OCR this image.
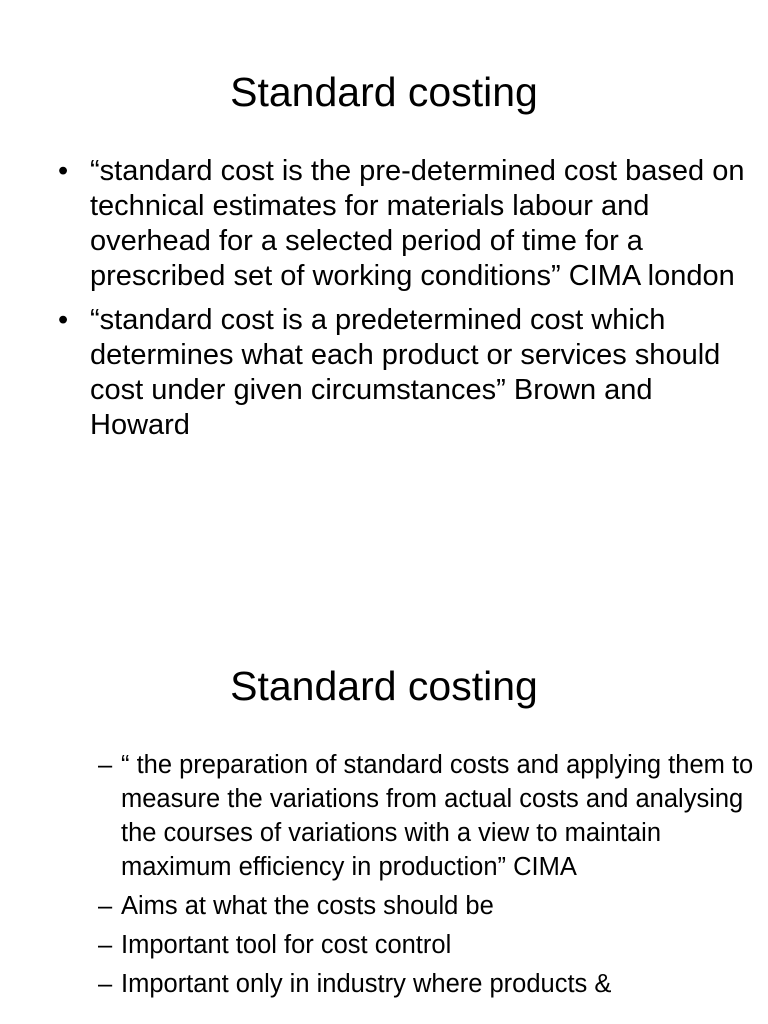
Standard costing
• “standard cost is the pre-determined cost based on technical estimates for materials labour and overhead for a selected period of time for a prescribed set of working conditions” CIMA london
• “standard cost is a predetermined cost which determines what each product or services should cost under given circumstances” Brown and Howard
Standard costing
– “ the preparation of standard costs and applying them to measure the variations from actual costs and analysing the courses of variations with a view to maintain maximum efficiency in production” CIMA
– Aims at what the costs should be
– Important tool for cost control
– Important only in industry where products &
